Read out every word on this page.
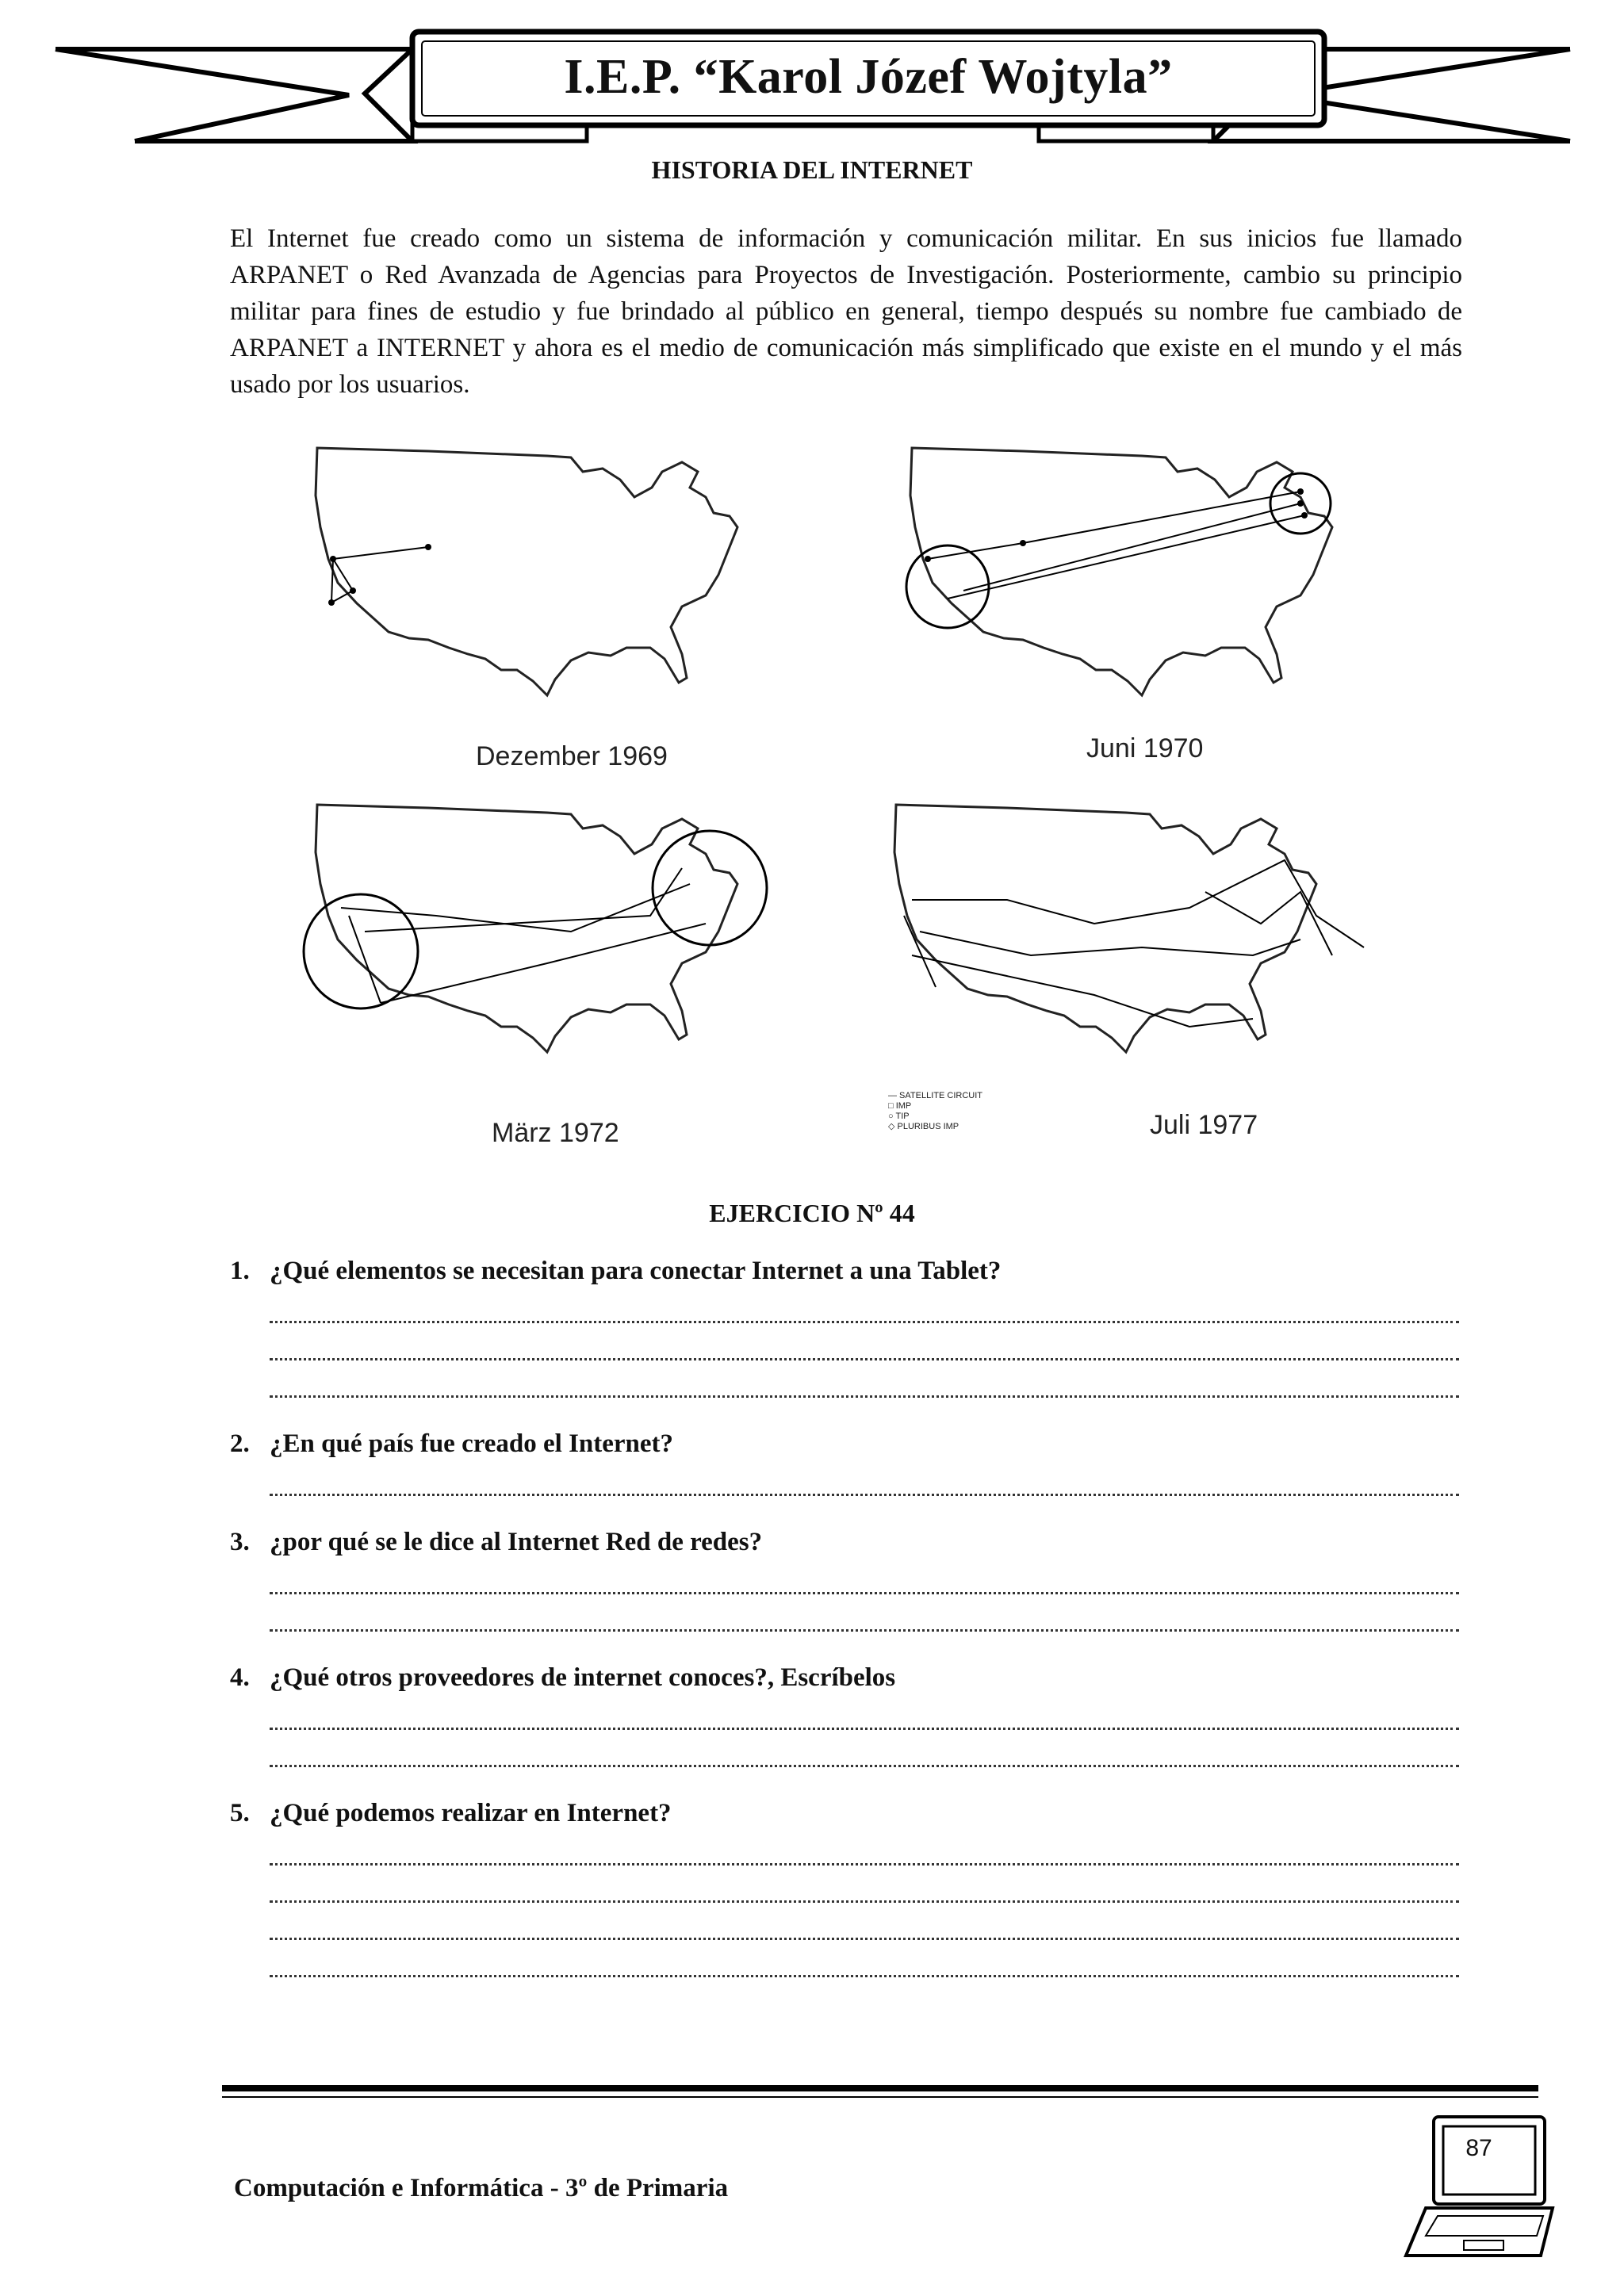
I.E.P. “Karol Józef Wojtyla”
HISTORIA DEL INTERNET

El Internet fue creado como un sistema de información y comunicación militar. En sus inicios fue llamado ARPANET o Red Avanzada de Agencias para Proyectos de Investigación. Posteriormente, cambio su principio militar para fines de estudio y fue brindado al público en general, tiempo después su nombre fue cambiado de ARPANET a INTERNET y ahora es el medio de comunicación más simplificado que existe en el mundo y el más usado por los usuarios.

Dezember 1969	Juni 1970
März 1972
— SATELLITE CIRCUIT
□ IMP
○ TIP
◇ PLURIBUS IMP	Juli 1977
EJERCICIO Nº 44
1. ¿Qué elementos se necesitan para conectar Internet a una Tablet?
2. ¿En qué país fue creado el Internet?
3. ¿por qué se le dice al Internet Red de redes?
4. ¿Qué otros proveedores de internet conoces?, Escríbelos
5. ¿Qué podemos realizar en Internet?
Computación e Informática - 3º de Primaria
87
